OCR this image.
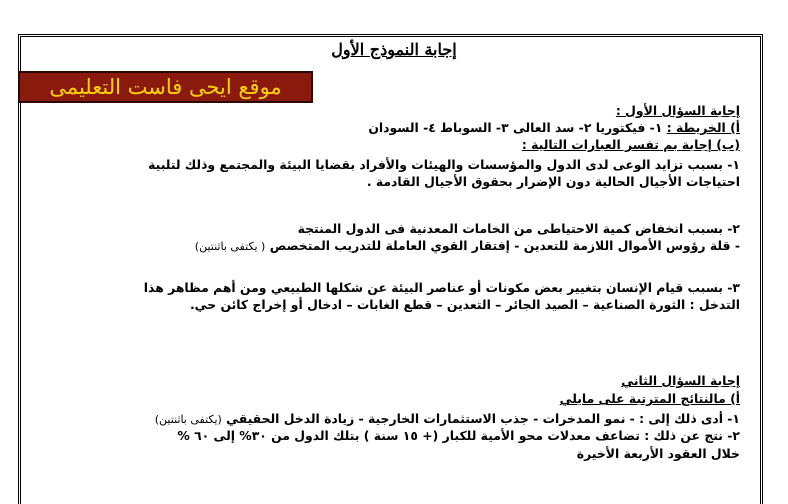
إجابة النموذج الأول
موقع ايحى فاست التعليمى
إجابة السؤال الأول :
أ) الخريطة : ١- فيكتوريا ٢- سد العالى ٣- السوباط ٤- السودان
(ب) إجابة بم تفسر العبارات التالية :
١- بسبب تزايد الوعى لدى الدول والمؤسسات والهيئات والأفراد بقضايا البيئة والمجتمع وذلك لتلبية
احتياجات الأجيال الحالية دون الإضرار بحقوق الأجيال القادمة .
٢- بسبب انخفاض كمية الاحتياطى من الخامات المعدنية فى الدول المنتجة
- قلة رؤوس الأموال اللازمة للتعدين - إفتقار القوي العاملة للتدريب المتخصص ( يكتفى باثنتين)
٣- بسبب قيام الإنسان بتغيير بعض مكونات أو عناصر البيئة عن شكلها الطبيعي ومن أهم مظاهر هذا
التدخل : الثورة الصناعية – الصيد الجائر – التعدين – قطع الغابات – ادخال أو إخراج كائن حي.
إجابة السؤال الثاني
أ) مالنتائج المترتبة على مايلي
١- أدى ذلك إلى : - نمو المدخرات - جذب الاستثمارات الخارجية - زيادة الدخل الحقيقي (يكتفى باثنتين)
٢- نتج عن ذلك : تضاعف معدلات محو الأمية للكبار (+ ١٥ سنة ) بتلك الدول من ٣٠% إلى ٦٠ %
خلال العقود الأربعة الأخيرة
